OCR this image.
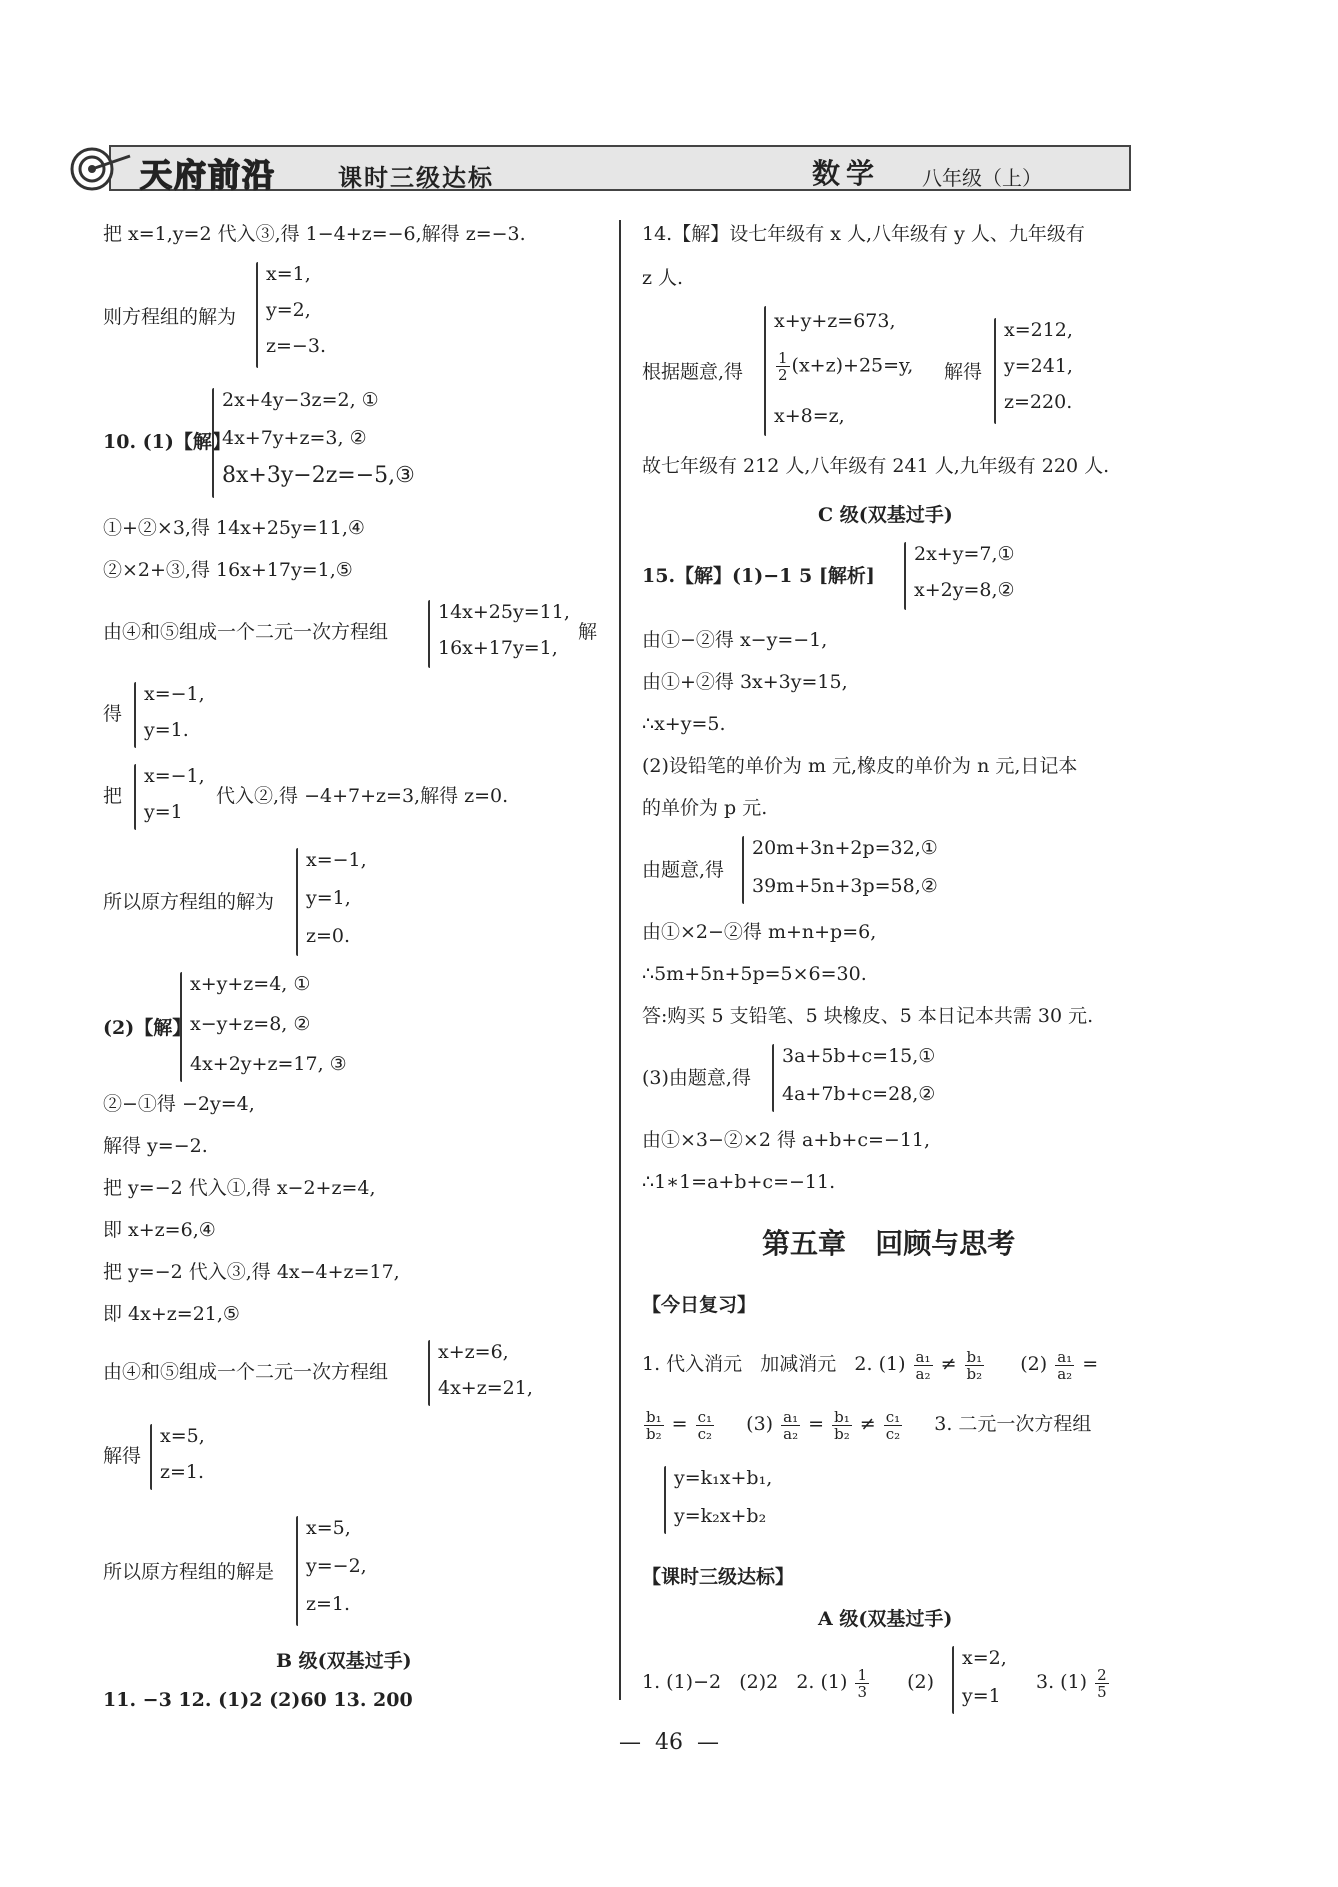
天府前沿	课时三级达标	数学 八年级（上）
把 x=1,y=2 代入③,得 1−4+z=−6,解得 z=−3.
则方程组的解为
x=1,
y=2,
z=−3.
10. (1)【解】
2x+4y−3z=2, ①
4x+7y+z=3, ②
8x+3y−2z=−5,③
①+②×3,得 14x+25y=11,④
②×2+③,得 16x+17y=1,⑤
由④和⑤组成一个二元一次方程组
14x+25y=11,
16x+17y=1,
解
得
x=−1,
y=1.
把
x=−1,
y=1
代入②,得 −4+7+z=3,解得 z=0.
所以原方程组的解为
x=−1,
y=1,
z=0.
(2)【解】
x+y+z=4, ①
x−y+z=8, ②
4x+2y+z=17, ③
②−①得 −2y=4,
解得 y=−2.
把 y=−2 代入①,得 x−2+z=4,
即 x+z=6,④
把 y=−2 代入③,得 4x−4+z=17,
即 4x+z=21,⑤
由④和⑤组成一个二元一次方程组
x+z=6,
4x+z=21,
解得
x=5,
z=1.
所以原方程组的解是
x=5,
y=−2,
z=1.
B 级(双基过手)
11. −3 12. (1)2 (2)60 13. 200
14.【解】设七年级有 x 人,八年级有 y 人、九年级有
z 人.
根据题意,得
x+y+z=673,
$\frac{1}{2} (x+z)+25=y$,
x+8=z,
解得
x=212,
y=241,
z=220.
故七年级有 212 人,八年级有 241 人,九年级有 220 人.
C 级(双基过手)
15.【解】(1)−1 5 [解析]
2x+y=7,①
x+2y=8,②
由①−②得 x−y=−1,
由①+②得 3x+3y=15,
∴x+y=5.
(2)设铅笔的单价为 m 元,橡皮的单价为 n 元,日记本
的单价为 p 元.
由题意,得
20m+3n+2p=32,①
39m+5n+3p=58,②
由①×2−②得 m+n+p=6,
∴5m+5n+5p=5×6=30.
答:购买 5 支铅笔、5 块橡皮、5 本日记本共需 30 元.
(3)由题意,得
3a+5b+c=15,①
4a+7b+c=28,②
由①×3−②×2 得 a+b+c=−11,
∴1∗1=a+b+c=−11.
第五章   回顾与思考
【今日复习】
1. 代入消元   加减消元   2. $(1) \frac{\text{a₁}}{\text{a₂}} \ne \frac{\text{b₁}}{\text{b₂}} (2) \frac{\text{a₁}}{\text{a₂}}$ =
$\frac{\text{b₁}}{\text{b₂}} = \frac{\text{c₁}}{\text{c₂}} (3) \frac{\text{a₁}}{\text{a₂}} = \frac{\text{b₁}}{\text{b₂}} \ne \frac{\text{c₁}}{\text{c₂}} 3$. 二元一次方程组
y=k₁x+b₁,
y=k₂x+b₂
【课时三级达标】
A 级(双基过手)
1. (1)−2   (2)2   2. $(1) \frac{1}{3} (2)$
x=2,
y=1
3. $(1) \frac{2}{5}$
—  46  —
